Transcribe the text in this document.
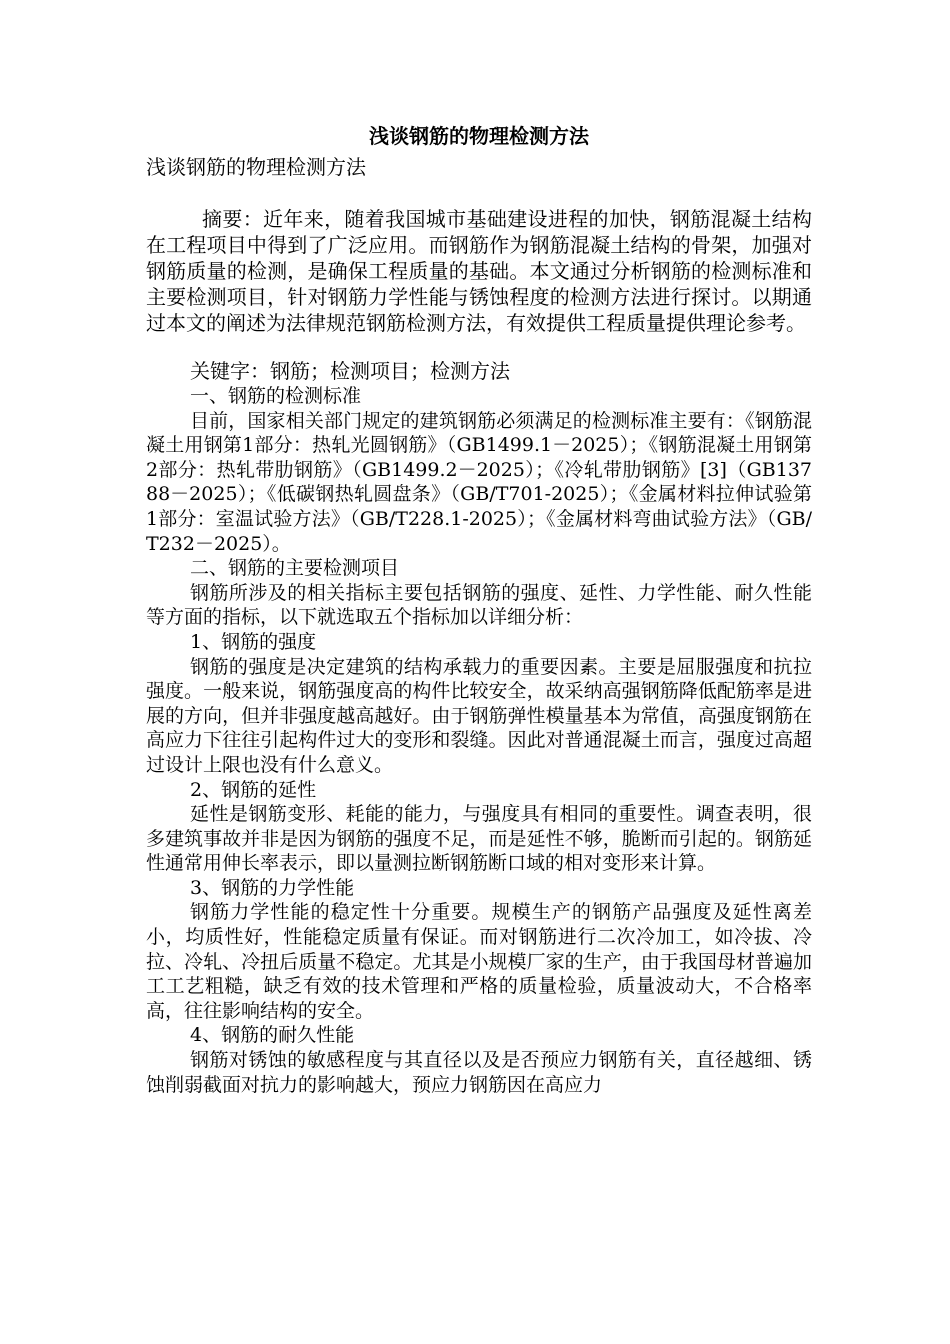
浅谈钢筋的物理检测方法

浅谈钢筋的物理检测方法

摘要：近年来，随着我国城市基础建设进程的加快，钢筋混凝土结构在工程项目中得到了广泛应用。而钢筋作为钢筋混凝土结构的骨架，加强对钢筋质量的检测，是确保工程质量的基础。本文通过分析钢筋的检测标准和主要检测项目，针对钢筋力学性能与锈蚀程度的检测方法进行探讨。以期通过本文的阐述为法律规范钢筋检测方法，有效提供工程质量提供理论参考。

关键字：钢筋；检测项目；检测方法

一、钢筋的检测标准

目前，国家相关部门规定的建筑钢筋必须满足的检测标准主要有：《钢筋混凝土用钢第1部分：热轧光圆钢筋》（GB1499.1－2025）；《钢筋混凝土用钢第2部分：热轧带肋钢筋》（GB1499.2－2025）；《冷轧带肋钢筋》[3]（GB13788－2025）；《低碳钢热轧圆盘条》（GB/T701-2025）；《金属材料拉伸试验第1部分：室温试验方法》（GB/T228.1-2025）；《金属材料弯曲试验方法》（GB/T232－2025）。

二、钢筋的主要检测项目

钢筋所涉及的相关指标主要包括钢筋的强度、延性、力学性能、耐久性能等方面的指标，以下就选取五个指标加以详细分析：

1、钢筋的强度

钢筋的强度是决定建筑的结构承载力的重要因素。主要是屈服强度和抗拉强度。一般来说，钢筋强度高的构件比较安全，故采纳高强钢筋降低配筋率是进展的方向，但并非强度越高越好。由于钢筋弹性模量基本为常值，高强度钢筋在高应力下往往引起构件过大的变形和裂缝。因此对普通混凝土而言，强度过高超过设计上限也没有什么意义。

2、钢筋的延性

延性是钢筋变形、耗能的能力，与强度具有相同的重要性。调查表明，很多建筑事故并非是因为钢筋的强度不足，而是延性不够，脆断而引起的。钢筋延性通常用伸长率表示，即以量测拉断钢筋断口域的相对变形来计算。

3、钢筋的力学性能

钢筋力学性能的稳定性十分重要。规模生产的钢筋产品强度及延性离差小，均质性好，性能稳定质量有保证。而对钢筋进行二次冷加工，如冷拔、冷拉、冷轧、冷扭后质量不稳定。尤其是小规模厂家的生产，由于我国母材普遍加工工艺粗糙，缺乏有效的技术管理和严格的质量检验，质量波动大，不合格率高，往往影响结构的安全。

4、钢筋的耐久性能

钢筋对锈蚀的敏感程度与其直径以及是否预应力钢筋有关，直径越细、锈蚀削弱截面对抗力的影响越大，预应力钢筋因在高应力
